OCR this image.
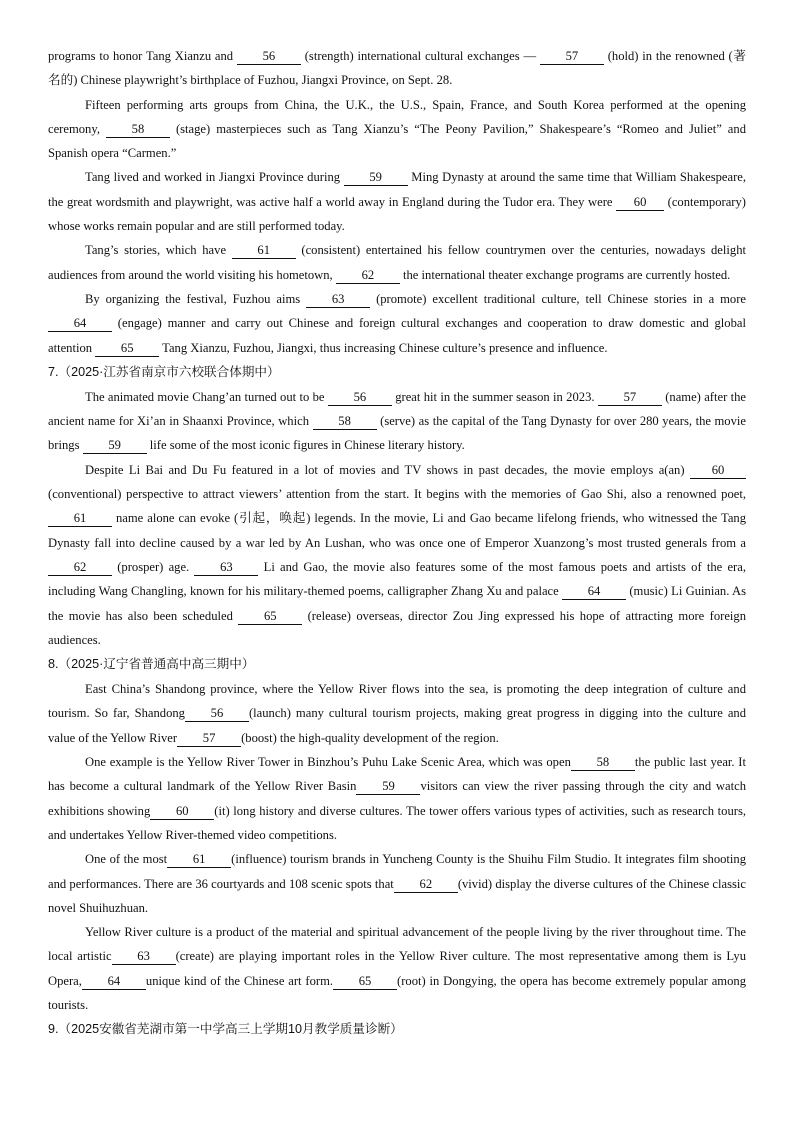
programs to honor Tang Xianzu and 56 (strength) international cultural exchanges — 57 (hold) in the renowned (著名的) Chinese playwright’s birthplace of Fuzhou, Jiangxi Province, on Sept. 28.

Fifteen performing arts groups from China, the U.K., the U.S., Spain, France, and South Korea performed at the opening ceremony, 58 (stage) masterpieces such as Tang Xianzu’s “The Peony Pavilion,” Shakespeare’s “Romeo and Juliet” and Spanish opera “Carmen.”

Tang lived and worked in Jiangxi Province during 59 Ming Dynasty at around the same time that William Shakespeare, the great wordsmith and playwright, was active half a world away in England during the Tudor era. They were 60 (contemporary) whose works remain popular and are still performed today.

Tang’s stories, which have 61 (consistent) entertained his fellow countrymen over the centuries, nowadays delight audiences from around the world visiting his hometown, 62 the international theater exchange programs are currently hosted.

By organizing the festival, Fuzhou aims 63 (promote) excellent traditional culture, tell Chinese stories in a more 64 (engage) manner and carry out Chinese and foreign cultural exchanges and cooperation to draw domestic and global attention 65 Tang Xianzu, Fuzhou, Jiangxi, thus increasing Chinese culture’s presence and influence.

7.（2025·江苏省南京市六校联合体期中）

The animated movie Chang’an turned out to be 56 great hit in the summer season in 2023. 57 (name) after the ancient name for Xi’an in Shaanxi Province, which 58 (serve) as the capital of the Tang Dynasty for over 280 years, the movie brings 59 life some of the most iconic figures in Chinese literary history.

Despite Li Bai and Du Fu featured in a lot of movies and TV shows in past decades, the movie employs a(an) 60 (conventional) perspective to attract viewers’ attention from the start. It begins with the memories of Gao Shi, also a renowned poet, 61 name alone can evoke (引起，唤起) legends. In the movie, Li and Gao became lifelong friends, who witnessed the Tang Dynasty fall into decline caused by a war led by An Lushan, who was once one of Emperor Xuanzong’s most trusted generals from a 62 (prosper) age. 63 Li and Gao, the movie also features some of the most famous poets and artists of the era, including Wang Changling, known for his military-themed poems, calligrapher Zhang Xu and palace 64 (music) Li Guinian. As the movie has also been scheduled 65 (release) overseas, director Zou Jing expressed his hope of attracting more foreign audiences.

8.（2025·辽宁省普通高中高三期中）

East China’s Shandong province, where the Yellow River flows into the sea, is promoting the deep integration of culture and tourism. So far, Shandong 56 (launch) many cultural tourism projects, making great progress in digging into the culture and value of the Yellow River 57 (boost) the high-quality development of the region.

One example is the Yellow River Tower in Binzhou’s Puhu Lake Scenic Area, which was open 58 the public last year. It has become a cultural landmark of the Yellow River Basin 59 visitors can view the river passing through the city and watch exhibitions showing 60 (it) long history and diverse cultures. The tower offers various types of activities, such as research tours, and undertakes Yellow River-themed video competitions.

One of the most 61 (influence) tourism brands in Yuncheng County is the Shuihu Film Studio. It integrates film shooting and performances. There are 36 courtyards and 108 scenic spots that 62 (vivid) display the diverse cultures of the Chinese classic novel Shuihuzhuan.

Yellow River culture is a product of the material and spiritual advancement of the people living by the river throughout time. The local artistic 63 (create) are playing important roles in the Yellow River culture. The most representative among them is Lyu Opera, 64 unique kind of the Chinese art form. 65 (root) in Dongying, the opera has become extremely popular among tourists.

9.（2025安徽省芜湖市第一中学高三上学期10月教学质量诊断）
